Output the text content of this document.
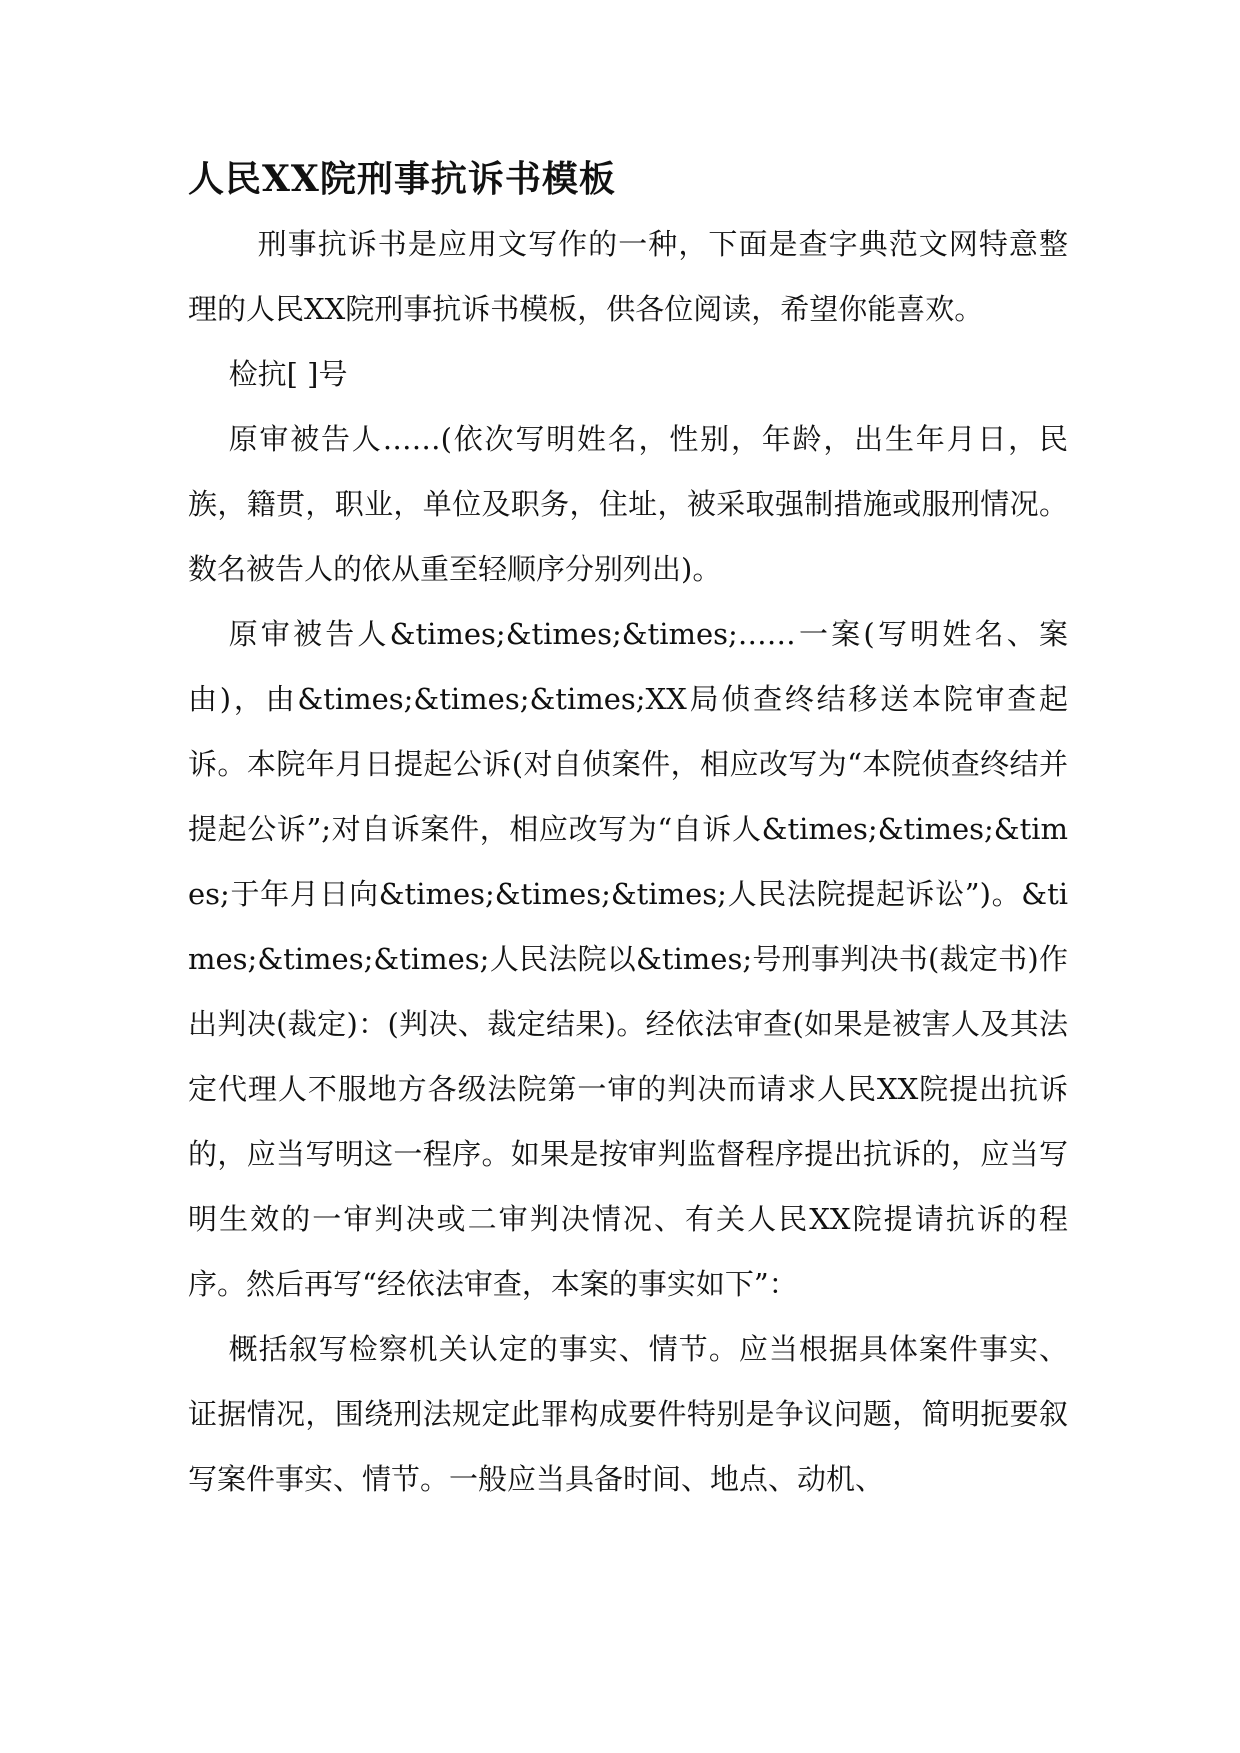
人民XX院刑事抗诉书模板

刑事抗诉书是应用文写作的一种，下面是查字典范文网特意整理的人民XX院刑事抗诉书模板，供各位阅读，希望你能喜欢。

检抗[ ]号

原审被告人……(依次写明姓名，性别，年龄，出生年月日，民族，籍贯，职业，单位及职务，住址，被采取强制措施或服刑情况。数名被告人的依从重至轻顺序分别列出)。

原审被告人&times;&times;&times;……一案(写明姓名、案由)，由&times;&times;&times;XX局侦查终结移送本院审查起诉。本院年月日提起公诉(对自侦案件，相应改写为“本院侦查终结并提起公诉”;对自诉案件，相应改写为“自诉人&times;&times;&times;于年月日向&times;&times;&times;人民法院提起诉讼”)。&times;&times;&times;人民法院以&times;号刑事判决书(裁定书)作出判决(裁定)：(判决、裁定结果)。经依法审查(如果是被害人及其法定代理人不服地方各级法院第一审的判决而请求人民XX院提出抗诉的，应当写明这一程序。如果是按审判监督程序提出抗诉的，应当写明生效的一审判决或二审判决情况、有关人民XX院提请抗诉的程序。然后再写“经依法审查，本案的事实如下”：

概括叙写检察机关认定的事实、情节。应当根据具体案件事实、证据情况，围绕刑法规定此罪构成要件特别是争议问题，简明扼要叙写案件事实、情节。一般应当具备时间、地点、动机、
